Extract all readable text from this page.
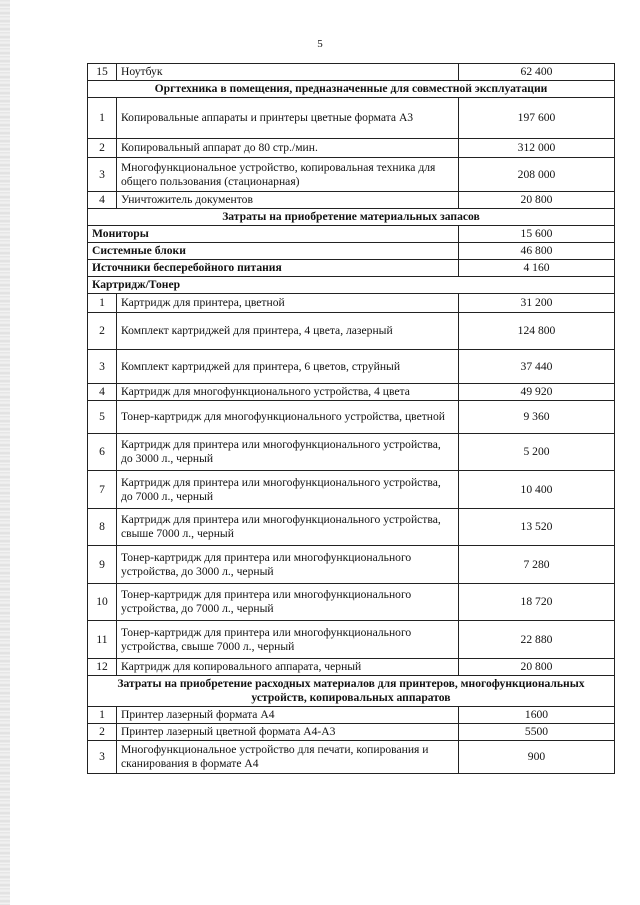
5
15	Ноутбук	62 400
Оргтехника в помещения, предназначенные для совместной эксплуатации		
1	Копировальные аппараты и принтеры цветные формата А3	197 600
2	Копировальный аппарат до 80 стр./мин.	312 000
3	Многофункциональное устройство, копировальная техника для общего пользования (стационарная)	208 000
4	Уничтожитель документов	20 800
Затраты на приобретение материальных запасов		
Мониторы		15 600
Системные блоки		46 800
Источники бесперебойного питания		4 160
Картридж/Тонер		
1	Картридж для принтера, цветной	31 200
2	Комплект картриджей для принтера, 4 цвета, лазерный	124 800
3	Комплект картриджей для принтера, 6 цветов, струйный	37 440
4	Картридж для многофункционального устройства, 4 цвета	49 920
5	Тонер-картридж для многофункционального устройства, цветной	9 360
6	Картридж для принтера или многофункционального устройства, до 3000 л., черный	5 200
7	Картридж для принтера или многофункционального устройства, до 7000 л., черный	10 400
8	Картридж для принтера или многофункционального устройства, свыше 7000 л., черный	13 520
9	Тонер-картридж для принтера или многофункционального устройства, до 3000 л., черный	7 280
10	Тонер-картридж для принтера или многофункционального устройства, до 7000 л., черный	18 720
11	Тонер-картридж для принтера или многофункционального устройства, свыше 7000 л., черный	22 880
12	Картридж для копировального аппарата, черный	20 800
Затраты на приобретение расходных материалов для принтеров, многофункциональных устройств, копировальных аппаратов		
1	Принтер лазерный формата А4	1600
2	Принтер лазерный цветной формата А4-А3	5500
3	Многофункциональное устройство для печати, копирования и сканирования в формате А4	900
